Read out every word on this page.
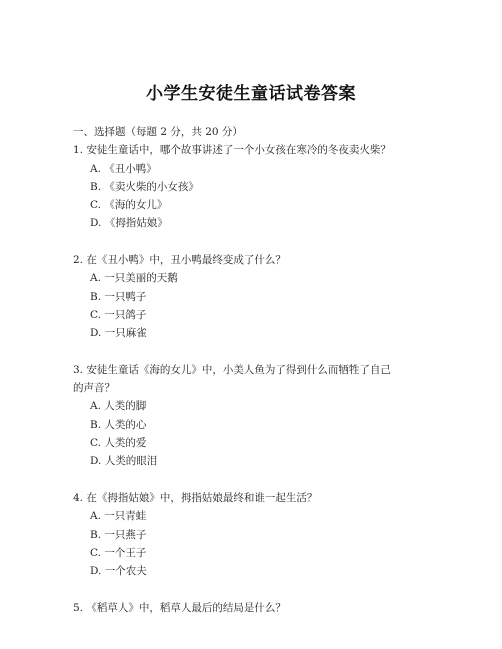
小学生安徒生童话试卷答案
一、选择题（每题 2 分，共 20 分）
1. 安徒生童话中，哪个故事讲述了一个小女孩在寒冷的冬夜卖火柴？
A. 《丑小鸭》
B. 《卖火柴的小女孩》
C. 《海的女儿》
D. 《拇指姑娘》
2. 在《丑小鸭》中，丑小鸭最终变成了什么？
A. 一只美丽的天鹅
B. 一只鸭子
C. 一只鸽子
D. 一只麻雀
3. 安徒生童话《海的女儿》中，小美人鱼为了得到什么而牺牲了自己
的声音？
A. 人类的脚
B. 人类的心
C. 人类的爱
D. 人类的眼泪
4. 在《拇指姑娘》中，拇指姑娘最终和谁一起生活？
A. 一只青蛙
B. 一只燕子
C. 一个王子
D. 一个农夫
5. 《稻草人》中，稻草人最后的结局是什么？
